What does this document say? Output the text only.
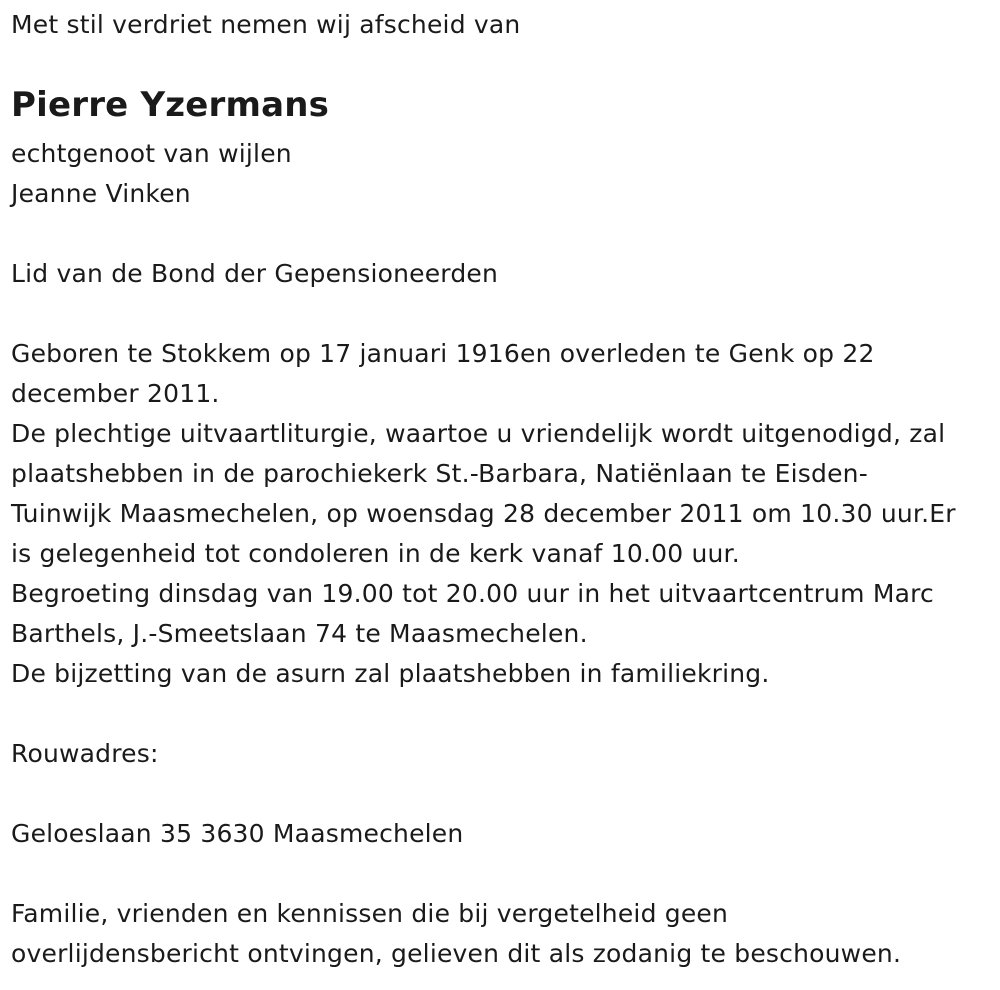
Met stil verdriet nemen wij afscheid van
Pierre Yzermans
echtgenoot van wijlen
Jeanne Vinken
Lid van de Bond der Gepensioneerden
Geboren te Stokkem op 17 januari 1916en overleden te Genk op 22
december 2011.
De plechtige uitvaartliturgie, waartoe u vriendelijk wordt uitgenodigd, zal
plaatshebben in de parochiekerk St.-Barbara, Natiënlaan te Eisden-
Tuinwijk Maasmechelen, op woensdag 28 december 2011 om 10.30 uur.Er
is gelegenheid tot condoleren in de kerk vanaf 10.00 uur.
Begroeting dinsdag van 19.00 tot 20.00 uur in het uitvaartcentrum Marc
Barthels, J.-Smeetslaan 74 te Maasmechelen.
De bijzetting van de asurn zal plaatshebben in familiekring.
Rouwadres:
Geloeslaan 35 3630 Maasmechelen
Familie, vrienden en kennissen die bij vergetelheid geen
overlijdensbericht ontvingen, gelieven dit als zodanig te beschouwen.
